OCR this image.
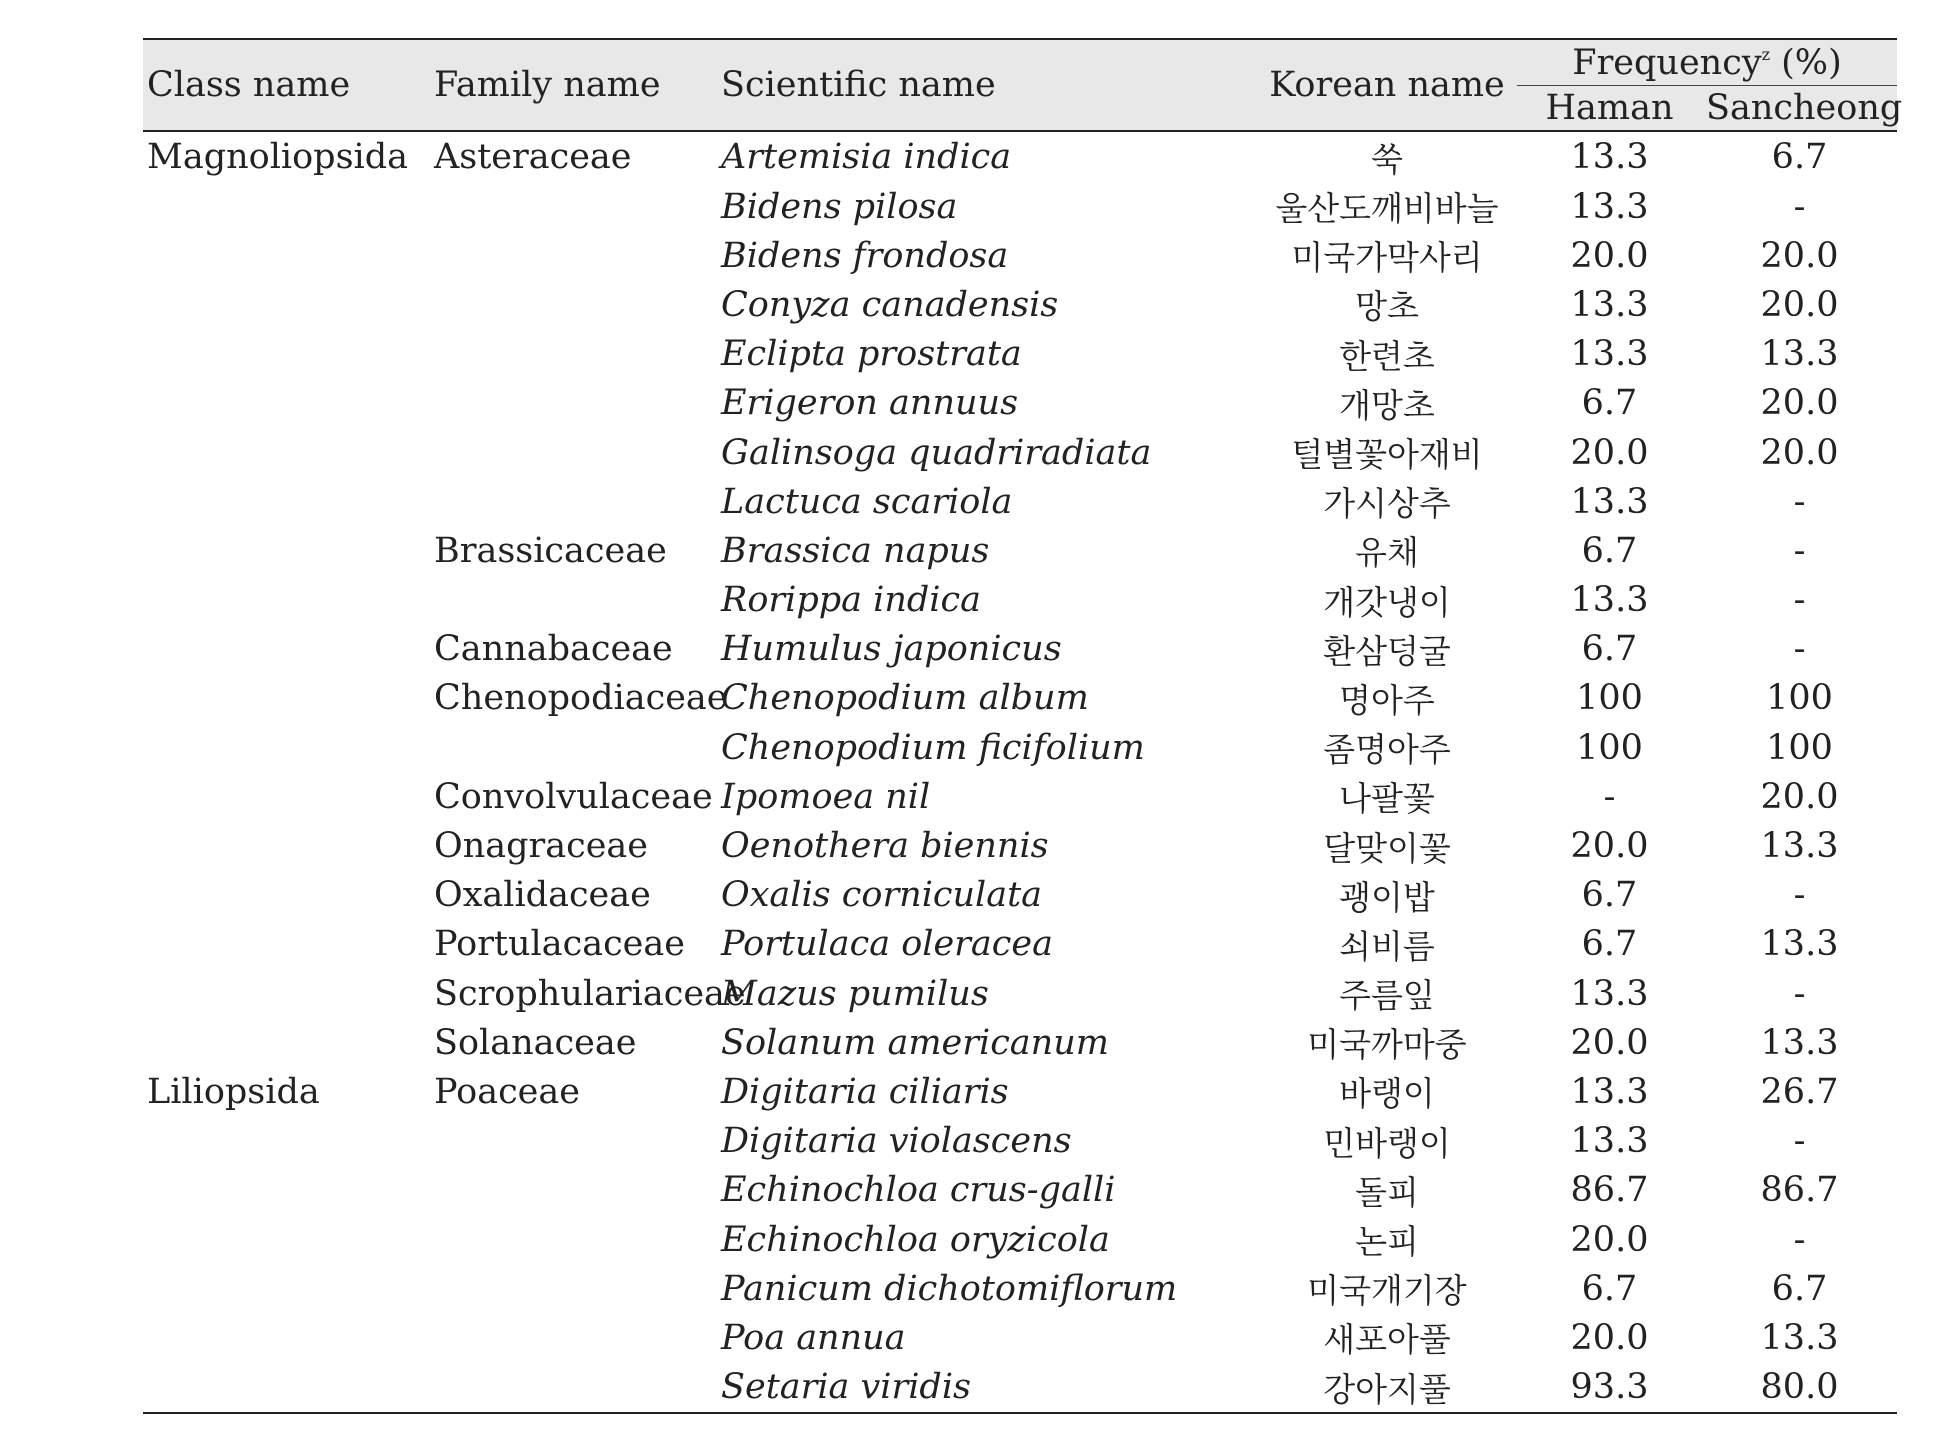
Class name	Family name	Scientific name	Korean name	Frequency$^z$ (%)	
				Haman	Sancheong
Magnoliopsida	Asteraceae	Artemisia indica	쑥	13.3	6.7
		Bidens pilosa	울산도깨비바늘	13.3	-
		Bidens frondosa	미국가막사리	20.0	20.0
		Conyza canadensis	망초	13.3	20.0
		Eclipta prostrata	한련초	13.3	13.3
		Erigeron annuus	개망초	6.7	20.0
		Galinsoga quadriradiata	털별꽃아재비	20.0	20.0
		Lactuca scariola	가시상추	13.3	-
	Brassicaceae	Brassica napus	유채	6.7	-
		Rorippa indica	개갓냉이	13.3	-
	Cannabaceae	Humulus japonicus	환삼덩굴	6.7	-
	Chenopodiaceae	Chenopodium album	명아주	100	100
		Chenopodium ficifolium	좀명아주	100	100
	Convolvulaceae	Ipomoea nil	나팔꽃	-	20.0
	Onagraceae	Oenothera biennis	달맞이꽃	20.0	13.3
	Oxalidaceae	Oxalis corniculata	괭이밥	6.7	-
	Portulacaceae	Portulaca oleracea	쇠비름	6.7	13.3
	Scrophulariaceae	Mazus pumilus	주름잎	13.3	-
	Solanaceae	Solanum americanum	미국까마중	20.0	13.3
Liliopsida	Poaceae	Digitaria ciliaris	바랭이	13.3	26.7
		Digitaria violascens	민바랭이	13.3	-
		Echinochloa crus-galli	돌피	86.7	86.7
		Echinochloa oryzicola	논피	20.0	-
		Panicum dichotomiflorum	미국개기장	6.7	6.7
		Poa annua	새포아풀	20.0	13.3
		Setaria viridis	강아지풀	93.3	80.0
